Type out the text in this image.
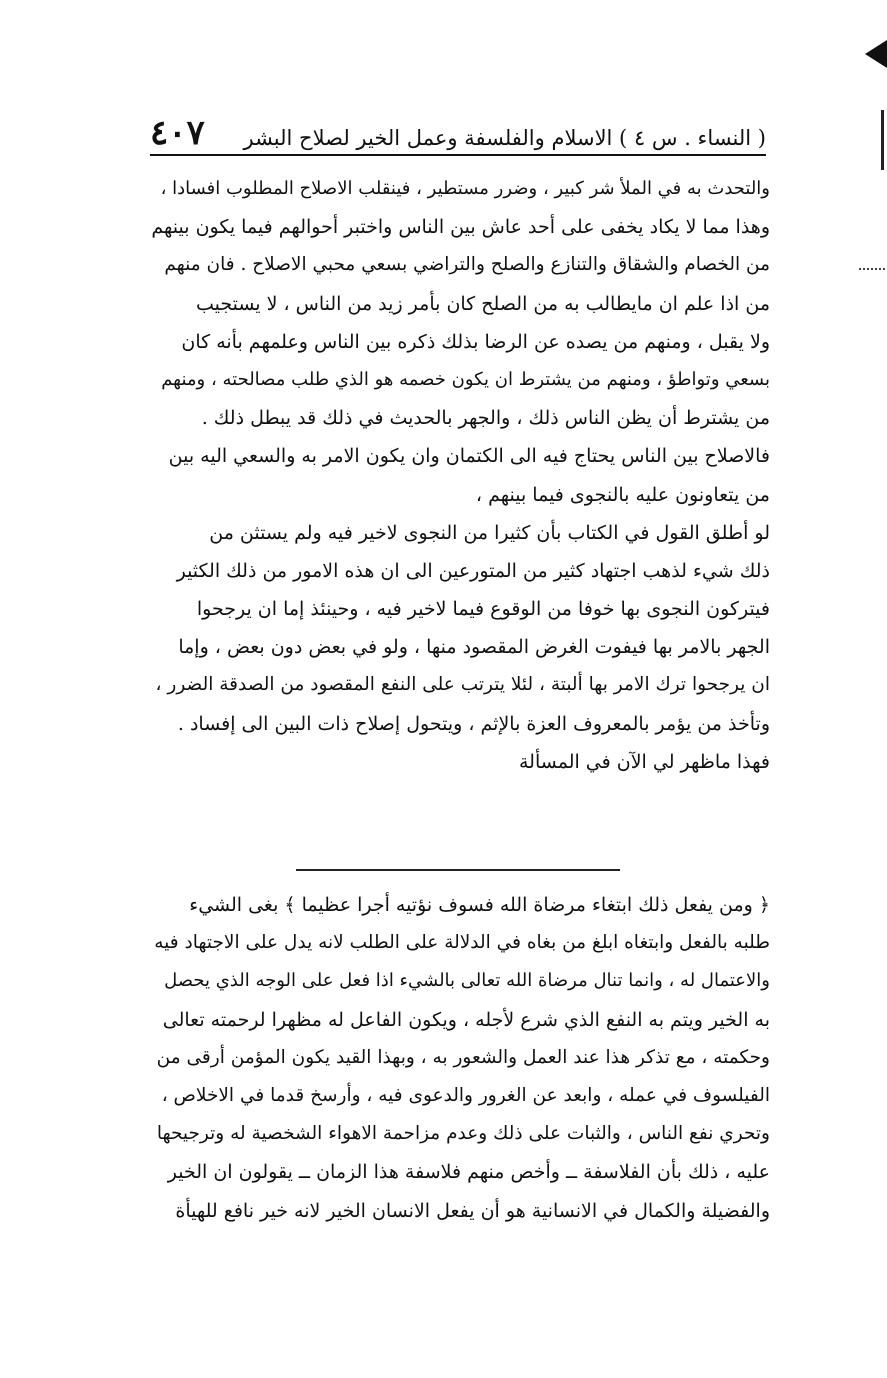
( النساء . س ٤ ) الاسلام والفلسفة وعمل الخير لصلاح البشر
٤٠٧
والتحدث به في الملأ شر كبير ، وضرر مستطير ، فينقلب الاصلاح المطلوب افسادا ،
وهذا مما لا يكاد يخفى على أحد عاش بين الناس واختبر أحوالهم فيما يكون بينهم
من الخصام والشقاق والتنازع والصلح والتراضي بسعي محبي الاصلاح . فان منهم
من اذا علم ان مايطالب به من الصلح كان بأمر زيد من الناس ، لا يستجيب
ولا يقبل ، ومنهم من يصده عن الرضا بذلك ذكره بين الناس وعلمهم بأنه كان
بسعي وتواطؤ ، ومنهم من يشترط ان يكون خصمه هو الذي طلب مصالحته ، ومنهم
من يشترط أن يظن الناس ذلك ، والجهر بالحديث في ذلك قد يبطل ذلك .
فالاصلاح بين الناس يحتاج فيه الى الكتمان وان يكون الامر به والسعي اليه بين
من يتعاونون عليه بالنجوى فيما بينهم ،
لو أطلق القول في الكتاب بأن كثيرا من النجوى لاخير فيه ولم يستثن من
ذلك شيء لذهب اجتهاد كثير من المتورعين الى ان هذه الامور من ذلك الكثير
فيتركون النجوى بها خوفا من الوقوع فيما لاخير فيه ، وحينئذ إما ان يرجحوا
الجهر بالامر بها فيفوت الغرض المقصود منها ، ولو في بعض دون بعض ، وإما
ان يرجحوا ترك الامر بها ألبتة ، لئلا يترتب على النفع المقصود من الصدقة الضرر ،
وتأخذ من يؤمر بالمعروف العزة بالإثم ، ويتحول إصلاح ذات البين الى إفساد .
فهذا ماظهر لي الآن في المسألة
﴿ ومن يفعل ذلك ابتغاء مرضاة الله فسوف نؤتيه أجرا عظيما ﴾ بغى الشيء
طلبه بالفعل وابتغاه ابلغ من بغاه في الدلالة على الطلب لانه يدل على الاجتهاد فيه
والاعتمال له ، وانما تنال مرضاة الله تعالى بالشيء اذا فعل على الوجه الذي يحصل
به الخير ويتم به النفع الذي شرع لأجله ، ويكون الفاعل له مظهرا لرحمته تعالى
وحكمته ، مع تذكر هذا عند العمل والشعور به ، وبهذا القيد يكون المؤمن أرقى من
الفيلسوف في عمله ، وابعد عن الغرور والدعوى فيه ، وأرسخ قدما في الاخلاص ،
وتحري نفع الناس ، والثبات على ذلك وعدم مزاحمة الاهواء الشخصية له وترجيحها
عليه ، ذلك بأن الفلاسفة ــ وأخص منهم فلاسفة هذا الزمان ــ يقولون ان الخير
والفضيلة والكمال في الانسانية هو أن يفعل الانسان الخير لانه خير نافع للهيأة
